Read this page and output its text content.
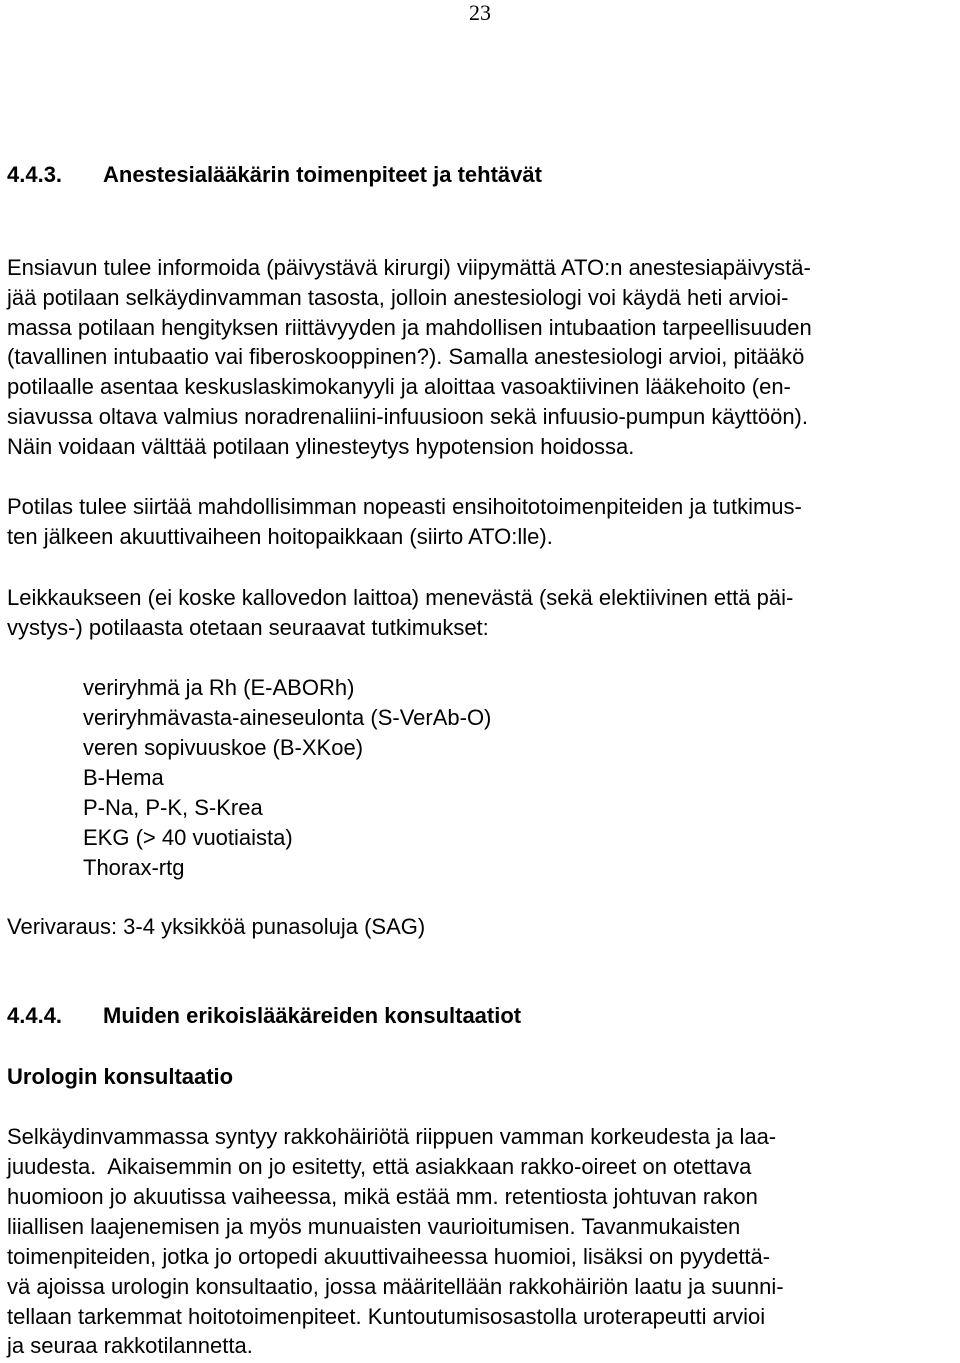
23
4.4.3. Anestesialääkärin toimenpiteet ja tehtävät
Ensiavun tulee informoida (päivystävä kirurgi) viipymättä ATO:n anestesiapäivystä-
jää potilaan selkäydinvamman tasosta, jolloin anestesiologi voi käydä heti arvioi-
massa potilaan hengityksen riittävyyden ja mahdollisen intubaation tarpeellisuuden
(tavallinen intubaatio vai fiberoskooppinen?). Samalla anestesiologi arvioi, pitääkö
potilaalle asentaa keskuslaskimokanyyli ja aloittaa vasoaktiivinen lääkehoito (en-
siavussa oltava valmius noradrenaliini-infuusioon sekä infuusio-pumpun käyttöön).
Näin voidaan välttää potilaan ylinesteytys hypotension hoidossa.
Potilas tulee siirtää mahdollisimman nopeasti ensihoitotoimenpiteiden ja tutkimus-
ten jälkeen akuuttivaiheen hoitopaikkaan (siirto ATO:lle).
Leikkaukseen (ei koske kallovedon laittoa) menevästä (sekä elektiivinen että päi-
vystys-) potilaasta otetaan seuraavat tutkimukset:
veriryhmä ja Rh (E-ABORh)
veriryhmävasta-aineseulonta (S-VerAb-O)
veren sopivuuskoe (B-XKoe)
B-Hema
P-Na, P-K, S-Krea
EKG (> 40 vuotiaista)
Thorax-rtg
Verivaraus: 3-4 yksikköä punasoluja (SAG)
4.4.4. Muiden erikoislääkäreiden konsultaatiot
Urologin konsultaatio
Selkäydinvammassa syntyy rakkohäiriötä riippuen vamman korkeudesta ja laa-
juudesta.  Aikaisemmin on jo esitetty, että asiakkaan rakko-oireet on otettava
huomioon jo akuutissa vaiheessa, mikä estää mm. retentiosta johtuvan rakon
liiallisen laajenemisen ja myös munuaisten vaurioitumisen. Tavanmukaisten
toimenpiteiden, jotka jo ortopedi akuuttivaiheessa huomioi, lisäksi on pyydettä-
vä ajoissa urologin konsultaatio, jossa määritellään rakkohäiriön laatu ja suunni-
tellaan tarkemmat hoitotoimenpiteet. Kuntoutumisosastolla uroterapeutti arvioi
ja seuraa rakkotilannetta.
